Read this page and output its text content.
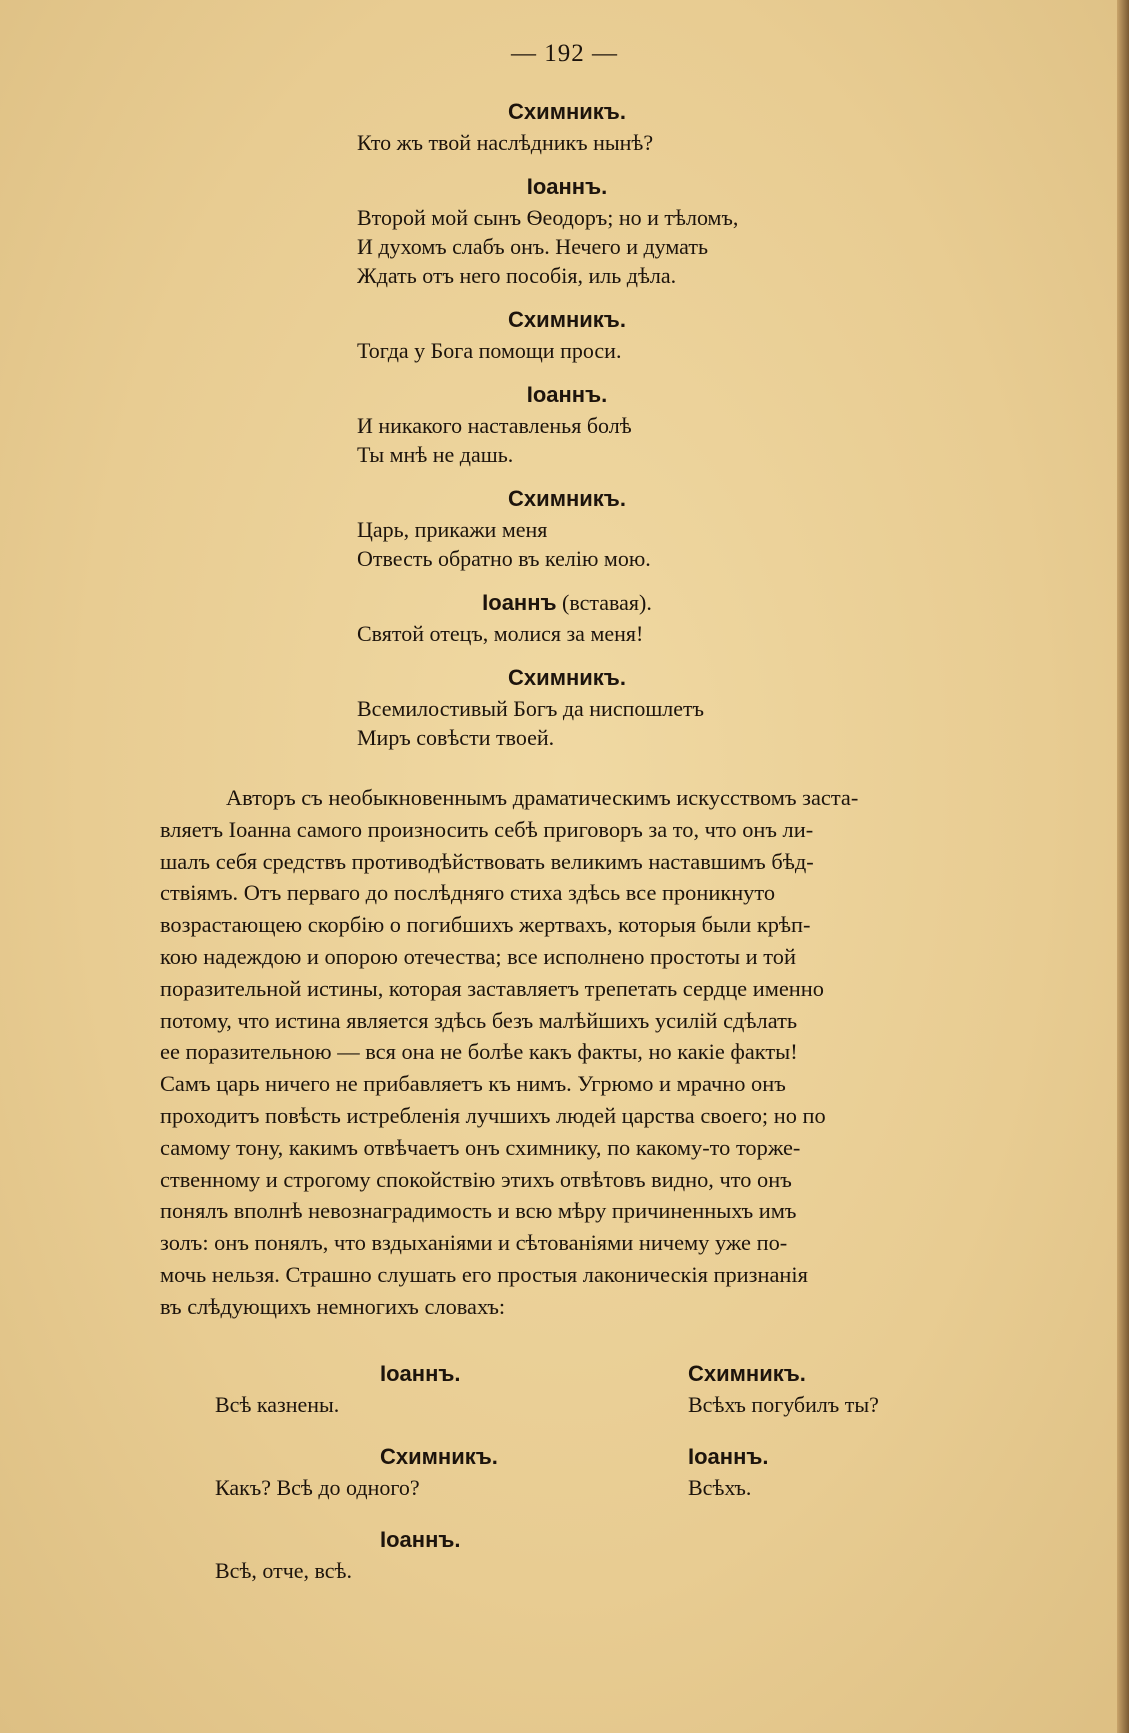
— 192 —
Схимникъ.
Кто жъ твой наслѣдникъ нынѣ?
Іоаннъ.
Второй мой сынъ Ѳеодоръ; но и тѣломъ,
И духомъ слабъ онъ. Нечего и думать
Ждать отъ него пособія, иль дѣла.
Схимникъ.
Тогда у Бога помощи проси.
Іоаннъ.
И никакого наставленья болѣ
Ты мнѣ не дашь.
Схимникъ.
Царь, прикажи меня
Отвесть обратно въ келію мою.
Іоаннъ (вставая).
Святой отецъ, молися за меня!
Схимникъ.
Всемилостивый Богъ да ниспошлетъ
Миръ совѣсти твоей.

Авторъ съ необыкновеннымъ драматическимъ искусствомъ заста-
вляетъ Іоанна самого произносить себѣ приговоръ за то, что онъ ли-
шалъ себя средствъ противодѣйствовать великимъ наставшимъ бѣд-
ствіямъ. Отъ перваго до послѣдняго стиха здѣсь все проникнуто
возрастающею скорбію о погибшихъ жертвахъ, которыя были крѣп-
кою надеждою и опорою отечества; все исполнено простоты и той
поразительной истины, которая заставляетъ трепетать сердце именно
потому, что истина является здѣсь безъ малѣйшихъ усилій сдѣлать
ее поразительною — вся она не болѣе какъ факты, но какіе факты!
Самъ царь ничего не прибавляетъ къ нимъ. Угрюмо и мрачно онъ
проходитъ повѣсть истребленія лучшихъ людей царства своего; но по
самому тону, какимъ отвѣчаетъ онъ схимнику, по какому-то торже-
ственному и строгому спокойствію этихъ отвѣтовъ видно, что онъ
понялъ вполнѣ невознаградимость и всю мѣру причиненныхъ имъ
золъ: онъ понялъ, что вздыханіями и сѣтованіями ничему уже по-
мочь нельзя. Страшно слушать его простыя лаконическія признанія
въ слѣдующихъ немногихъ словахъ:

Іоаннъ.
Всѣ казнены.
Схимникъ.
Какъ? Всѣ до одного?
Іоаннъ.
Всѣ, отче, всѣ.
Схимникъ.
Всѣхъ погубилъ ты?
Іоаннъ.
Всѣхъ.
